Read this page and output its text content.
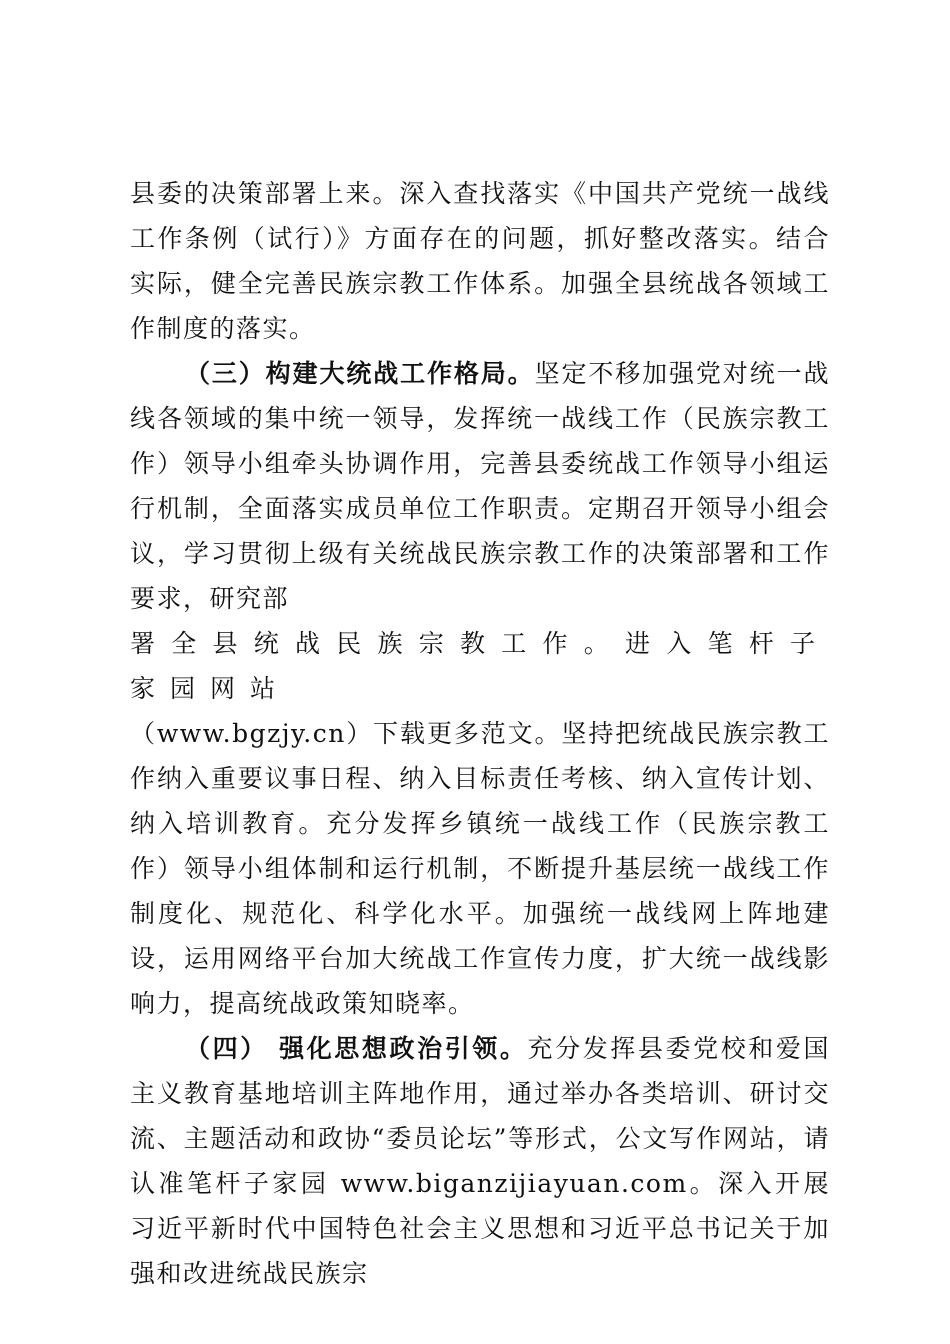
县委的决策部署上来。深入查找落实《中国共产党统一战线工作条例（试行）》方面存在的问题，抓好整改落实。结合实际，健全完善民族宗教工作体系。加强全县统战各领域工作制度的落实。

（三）构建大统战工作格局。坚定不移加强党对统一战线各领域的集中统一领导，发挥统一战线工作（民族宗教工作）领导小组牵头协调作用，完善县委统战工作领导小组运行机制，全面落实成员单位工作职责。定期召开领导小组会议，学习贯彻上级有关统战民族宗教工作的决策部署和工作要求，研究部

署全县统战民族宗教工作。进入笔杆子家园网站

（www.bgzjy.cn）下载更多范文。坚持把统战民族宗教工作纳入重要议事日程、纳入目标责任考核、纳入宣传计划、纳入培训教育。充分发挥乡镇统一战线工作（民族宗教工作）领导小组体制和运行机制，不断提升基层统一战线工作制度化、规范化、科学化水平。加强统一战线网上阵地建设，运用网络平台加大统战工作宣传力度，扩大统一战线影响力，提高统战政策知晓率。

（四） 强化思想政治引领。充分发挥县委党校和爱国主义教育基地培训主阵地作用，通过举办各类培训、研讨交流、主题活动和政协“委员论坛”等形式，公文写作网站，请认准笔杆子家园 www.biganzijiayuan.com。深入开展习近平新时代中国特色社会主义思想和习近平总书记关于加强和改进统战民族宗
